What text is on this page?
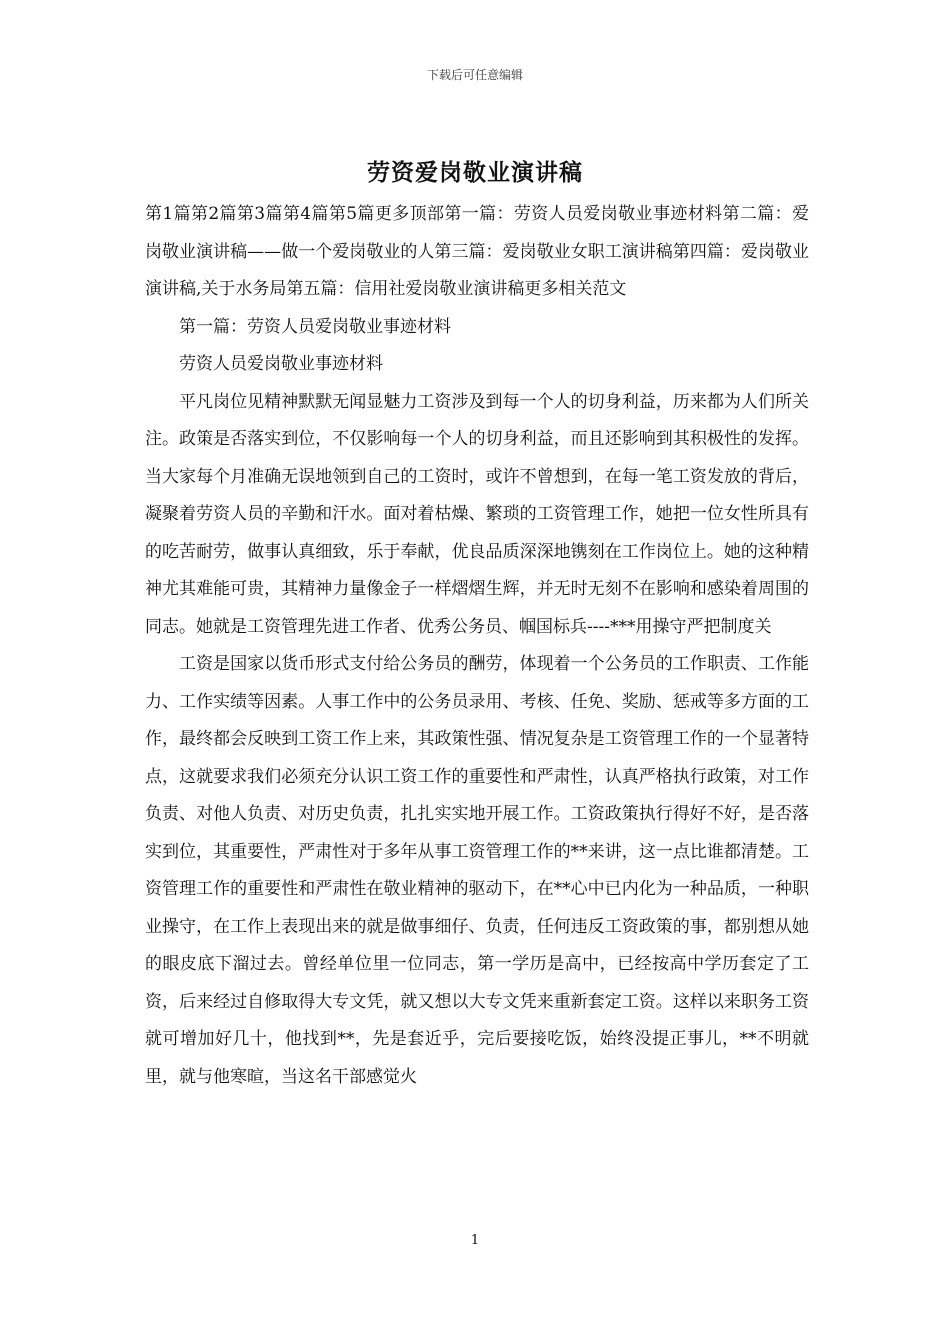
下载后可任意编辑
劳资爱岗敬业演讲稿

第1篇第2篇第3篇第4篇第5篇更多顶部第一篇：劳资人员爱岗敬业事迹材料第二篇：爱岗敬业演讲稿——做一个爱岗敬业的人第三篇：爱岗敬业女职工演讲稿第四篇：爱岗敬业演讲稿,关于水务局第五篇：信用社爱岗敬业演讲稿更多相关范文

第一篇：劳资人员爱岗敬业事迹材料

劳资人员爱岗敬业事迹材料

平凡岗位见精神默默无闻显魅力工资涉及到每一个人的切身利益，历来都为人们所关注。政策是否落实到位，不仅影响每一个人的切身利益，而且还影响到其积极性的发挥。当大家每个月准确无误地领到自己的工资时，或许不曾想到，在每一笔工资发放的背后，凝聚着劳资人员的辛勤和汗水。面对着枯燥、繁琐的工资管理工作，她把一位女性所具有的吃苦耐劳，做事认真细致，乐于奉献，优良品质深深地镌刻在工作岗位上。她的这种精神尤其难能可贵，其精神力量像金子一样熠熠生辉，并无时无刻不在影响和感染着周围的同志。她就是工资管理先进工作者、优秀公务员、帼国标兵----***用操守严把制度关

工资是国家以货币形式支付给公务员的酬劳，体现着一个公务员的工作职责、工作能力、工作实绩等因素。人事工作中的公务员录用、考核、任免、奖励、惩戒等多方面的工作，最终都会反映到工资工作上来，其政策性强、情况复杂是工资管理工作的一个显著特点，这就要求我们必须充分认识工资工作的重要性和严肃性，认真严格执行政策，对工作负责、对他人负责、对历史负责，扎扎实实地开展工作。工资政策执行得好不好，是否落实到位，其重要性，严肃性对于多年从事工资管理工作的**来讲，这一点比谁都清楚。工资管理工作的重要性和严肃性在敬业精神的驱动下，在**心中已内化为一种品质，一种职业操守，在工作上表现出来的就是做事细仔、负责，任何违反工资政策的事，都别想从她的眼皮底下溜过去。曾经单位里一位同志，第一学历是高中，已经按高中学历套定了工资，后来经过自修取得大专文凭，就又想以大专文凭来重新套定工资。这样以来职务工资就可增加好几十，他找到**，先是套近乎，完后要接吃饭，始终没提正事儿，**不明就里，就与他寒暄，当这名干部感觉火

1
